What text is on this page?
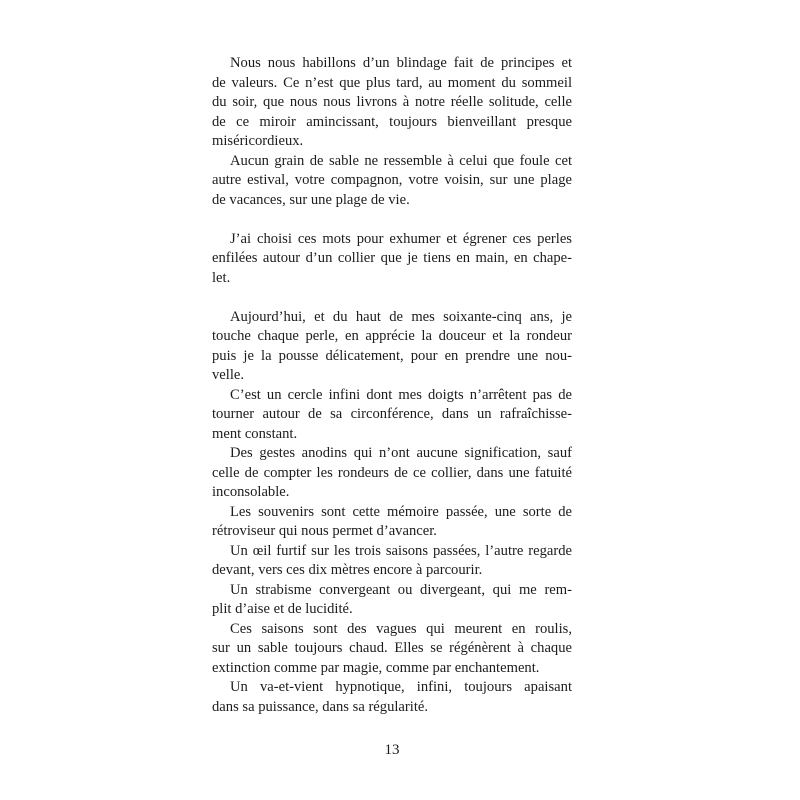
Nous nous habillons d’un blindage fait de principes et
de valeurs. Ce n’est que plus tard, au moment du sommeil
du soir, que nous nous livrons à notre réelle solitude, celle
de ce miroir amincissant, toujours bienveillant presque
miséricordieux.
Aucun grain de sable ne ressemble à celui que foule cet
autre estival, votre compagnon, votre voisin, sur une plage
de vacances, sur une plage de vie.
J’ai choisi ces mots pour exhumer et égrener ces perles
enfilées autour d’un collier que je tiens en main, en chape-
let.
Aujourd’hui, et du haut de mes soixante-cinq ans, je
touche chaque perle, en apprécie la douceur et la rondeur
puis je la pousse délicatement, pour en prendre une nou-
velle.
C’est un cercle infini dont mes doigts n’arrêtent pas de
tourner autour de sa circonférence, dans un rafraîchisse-
ment constant.
Des gestes anodins qui n’ont aucune signification, sauf
celle de compter les rondeurs de ce collier, dans une fatuité
inconsolable.
Les souvenirs sont cette mémoire passée, une sorte de
rétroviseur qui nous permet d’avancer.
Un œil furtif sur les trois saisons passées, l’autre regarde
devant, vers ces dix mètres encore à parcourir.
Un strabisme convergeant ou divergeant, qui me rem-
plit d’aise et de lucidité.
Ces saisons sont des vagues qui meurent en roulis,
sur un sable toujours chaud. Elles se régénèrent à chaque
extinction comme par magie, comme par enchantement.
Un va-et-vient hypnotique, infini, toujours apaisant
dans sa puissance, dans sa régularité.
13
